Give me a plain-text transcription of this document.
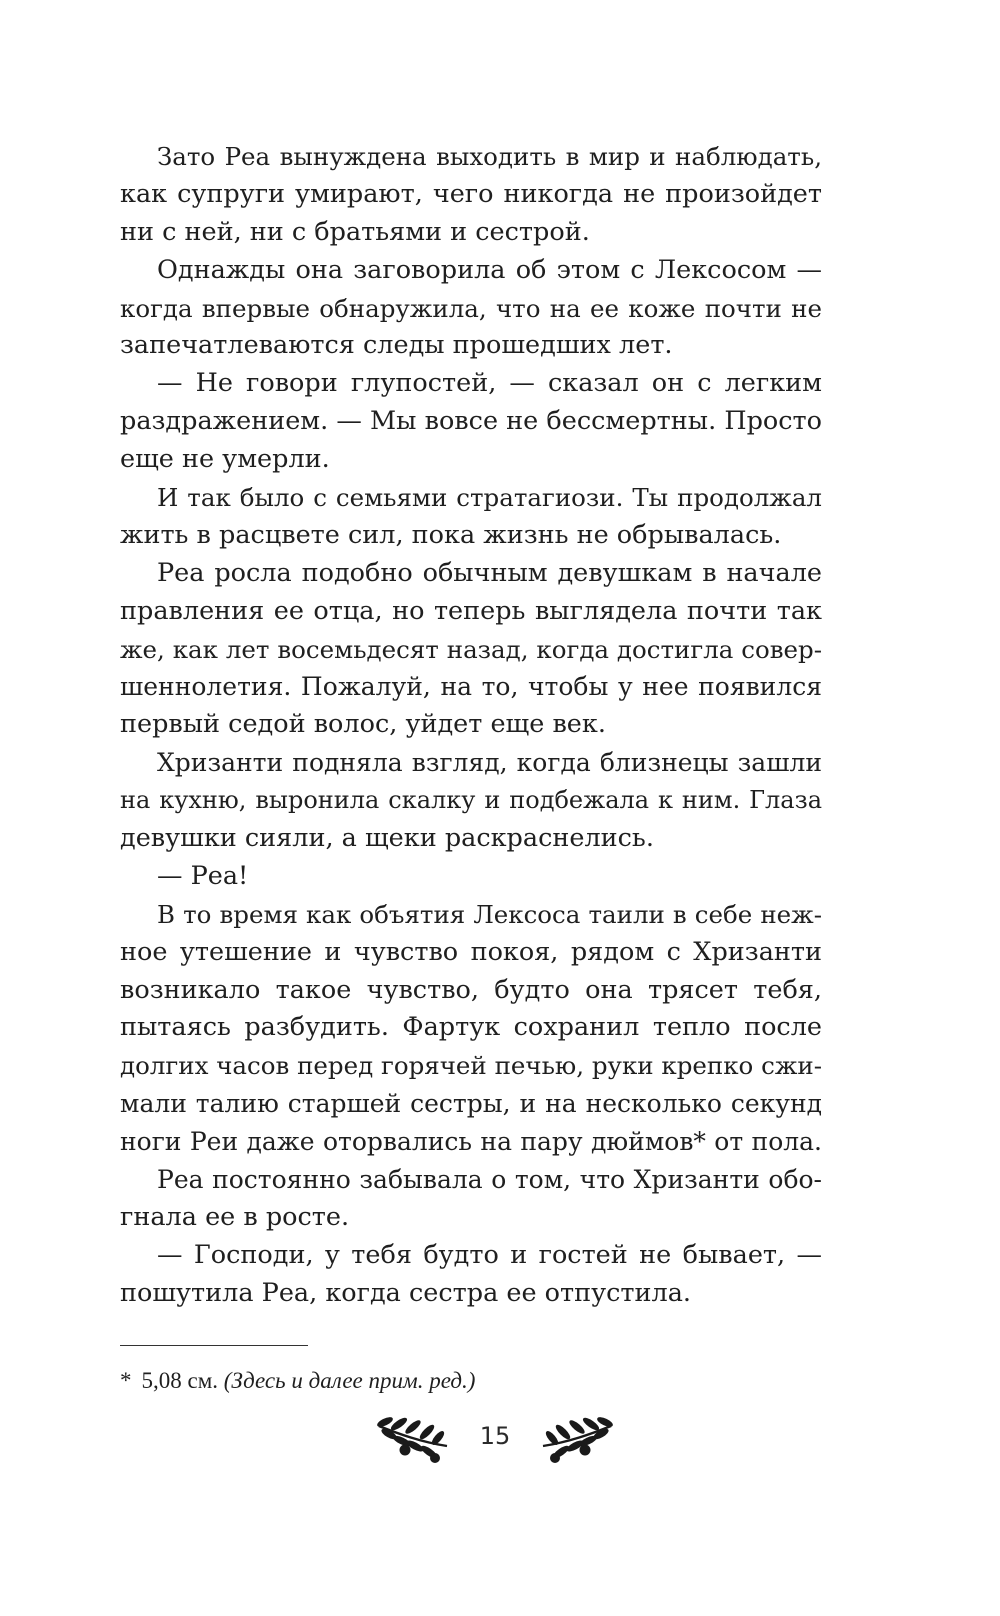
Зато Реа вынуждена выходить в мир и наблюдать,
как супруги умирают, чего никогда не произойдет
ни с ней, ни с братьями и сестрой.
Однажды она заговорила об этом с Лексосом —
когда впервые обнаружила, что на ее коже почти не
запечатлеваются следы прошедших лет.
— Не говори глупостей, — сказал он с легким
раздражением. — Мы вовсе не бессмертны. Просто
еще не умерли.
И так было с семьями стратагиози. Ты продолжал
жить в расцвете сил, пока жизнь не обрывалась.
Реа росла подобно обычным девушкам в начале
правления ее отца, но теперь выглядела почти так
же, как лет восемьдесят назад, когда достигла совер-
шеннолетия. Пожалуй, на то, чтобы у нее появился
первый седой волос, уйдет еще век.
Хризанти подняла взгляд, когда близнецы зашли
на кухню, выронила скалку и подбежала к ним. Глаза
девушки сияли, а щеки раскраснелись.
— Реа!
В то время как объятия Лексоса таили в себе неж-
ное утешение и чувство покоя, рядом с Хризанти
возникало такое чувство, будто она трясет тебя,
пытаясь разбудить. Фартук сохранил тепло после
долгих часов перед горячей печью, руки крепко сжи-
мали талию старшей сестры, и на несколько секунд
ноги Реи даже оторвались на пару дюймов* от пола.
Реа постоянно забывала о том, что Хризанти обо-
гнала ее в росте.
— Господи, у тебя будто и гостей не бывает, —
пошутила Реа, когда сестра ее отпустила.
* 5,08 см. (Здесь и далее прим. ред.)
15
